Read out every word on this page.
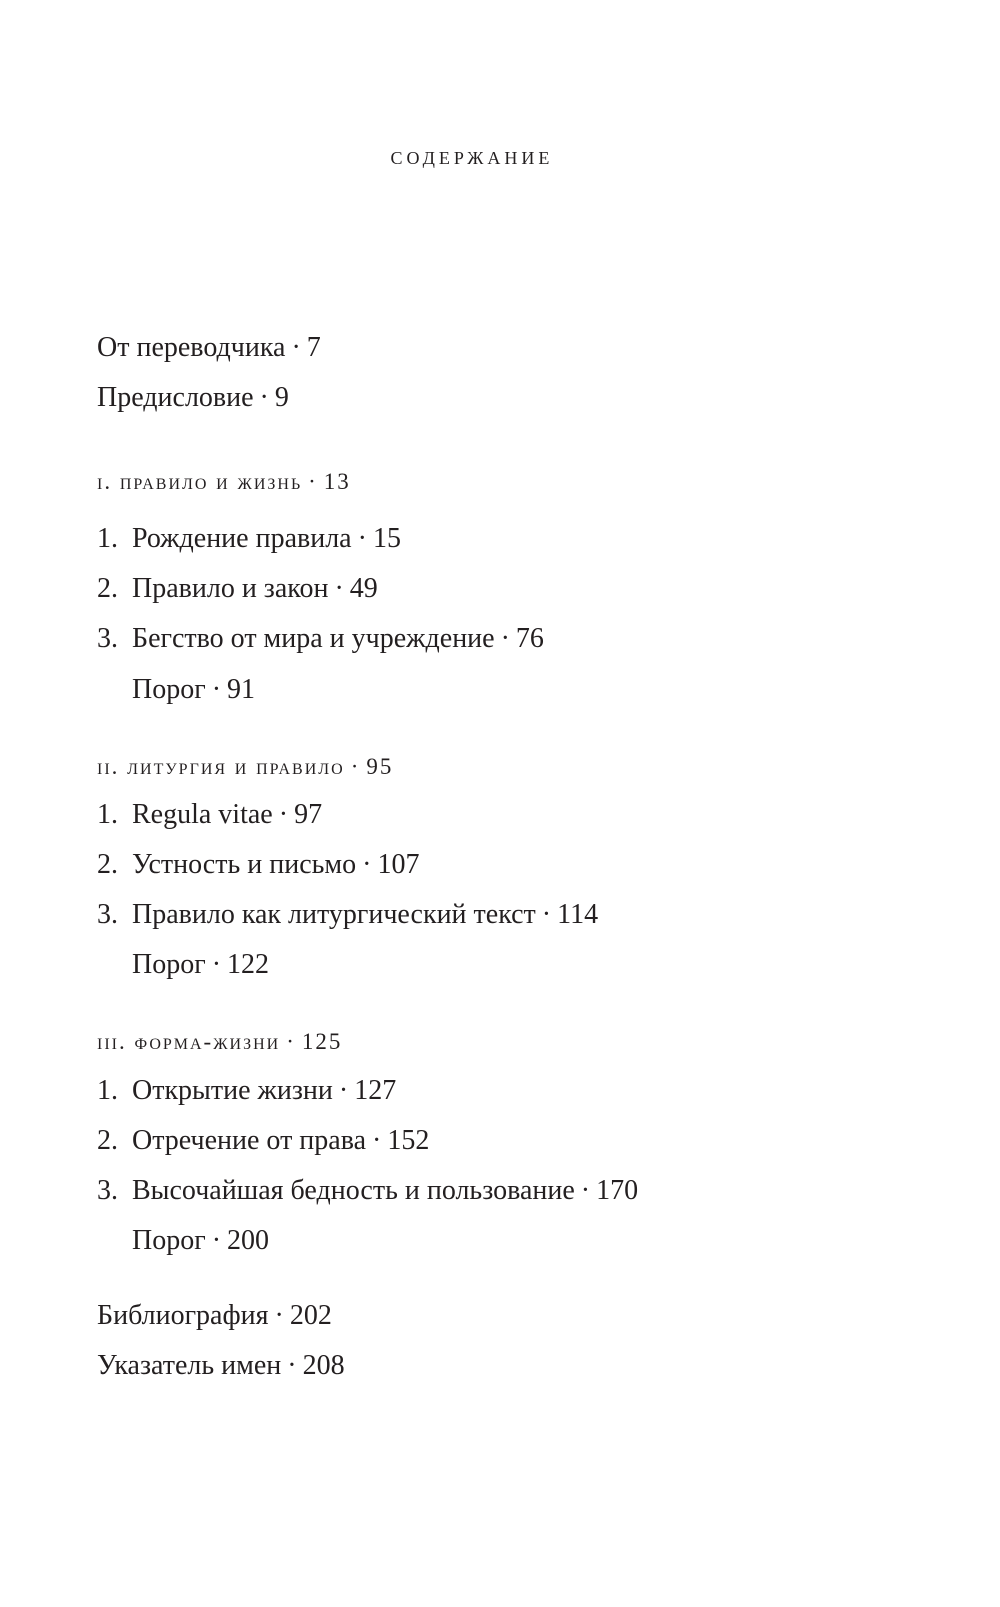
содержание
От переводчика · 7
Предисловие · 9
i. правило и жизнь · 13
1. Рождение правила · 15
2. Правило и закон · 49
3. Бегство от мира и учреждение · 76
Порог · 91
ii. литургия и правило · 95
1. Regula vitae · 97
2. Устность и письмо · 107
3. Правило как литургический текст · 114
Порог · 122
iii. форма-жизни · 125
1. Открытие жизни · 127
2. Отречение от права · 152
3. Высочайшая бедность и пользование · 170
Порог · 200
Библиография · 202
Указатель имен · 208
